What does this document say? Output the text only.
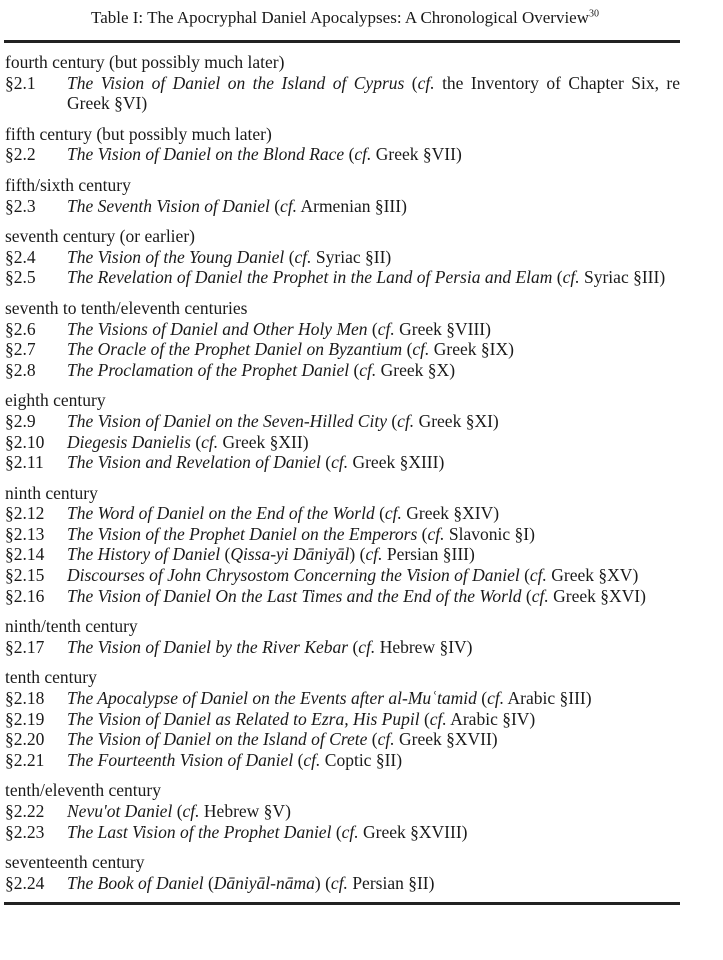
Table I: The Apocryphal Daniel Apocalypses: A Chronological Overview$^{30}$
fourth century (but possibly much later)
§2.1	The Vision of Daniel on the Island of Cyprus (cf. the Inventory of Chapter Six, re Greek §VI)
fifth century (but possibly much later)
§2.2	The Vision of Daniel on the Blond Race (cf. Greek §VII)
fifth/sixth century
§2.3	The Seventh Vision of Daniel (cf. Armenian §III)
seventh century (or earlier)
§2.4	The Vision of the Young Daniel (cf. Syriac §II)
§2.5	The Revelation of Daniel the Prophet in the Land of Persia and Elam (cf. Syriac §III)
seventh to tenth/eleventh centuries
§2.6	The Visions of Daniel and Other Holy Men (cf. Greek §VIII)
§2.7	The Oracle of the Prophet Daniel on Byzantium (cf. Greek §IX)
§2.8	The Proclamation of the Prophet Daniel (cf. Greek §X)
eighth century
§2.9	The Vision of Daniel on the Seven-Hilled City (cf. Greek §XI)
§2.10	Diegesis Danielis (cf. Greek §XII)
§2.11	The Vision and Revelation of Daniel (cf. Greek §XIII)
ninth century
§2.12	The Word of Daniel on the End of the World (cf. Greek §XIV)
§2.13	The Vision of the Prophet Daniel on the Emperors (cf. Slavonic §I)
§2.14	The History of Daniel (Qissa-yi Dāniyāl) (cf. Persian §III)
§2.15	Discourses of John Chrysostom Concerning the Vision of Daniel (cf. Greek §XV)
§2.16	The Vision of Daniel On the Last Times and the End of the World (cf. Greek §XVI)
ninth/tenth century
§2.17	The Vision of Daniel by the River Kebar (cf. Hebrew §IV)
tenth century
§2.18	The Apocalypse of Daniel on the Events after al-Muʿtamid (cf. Arabic §III)
§2.19	The Vision of Daniel as Related to Ezra, His Pupil (cf. Arabic §IV)
§2.20	The Vision of Daniel on the Island of Crete (cf. Greek §XVII)
§2.21	The Fourteenth Vision of Daniel (cf. Coptic §II)
tenth/eleventh century
§2.22	Nevu'ot Daniel (cf. Hebrew §V)
§2.23	The Last Vision of the Prophet Daniel (cf. Greek §XVIII)
seventeenth century
§2.24	The Book of Daniel (Dāniyāl-nāma) (cf. Persian §II)
